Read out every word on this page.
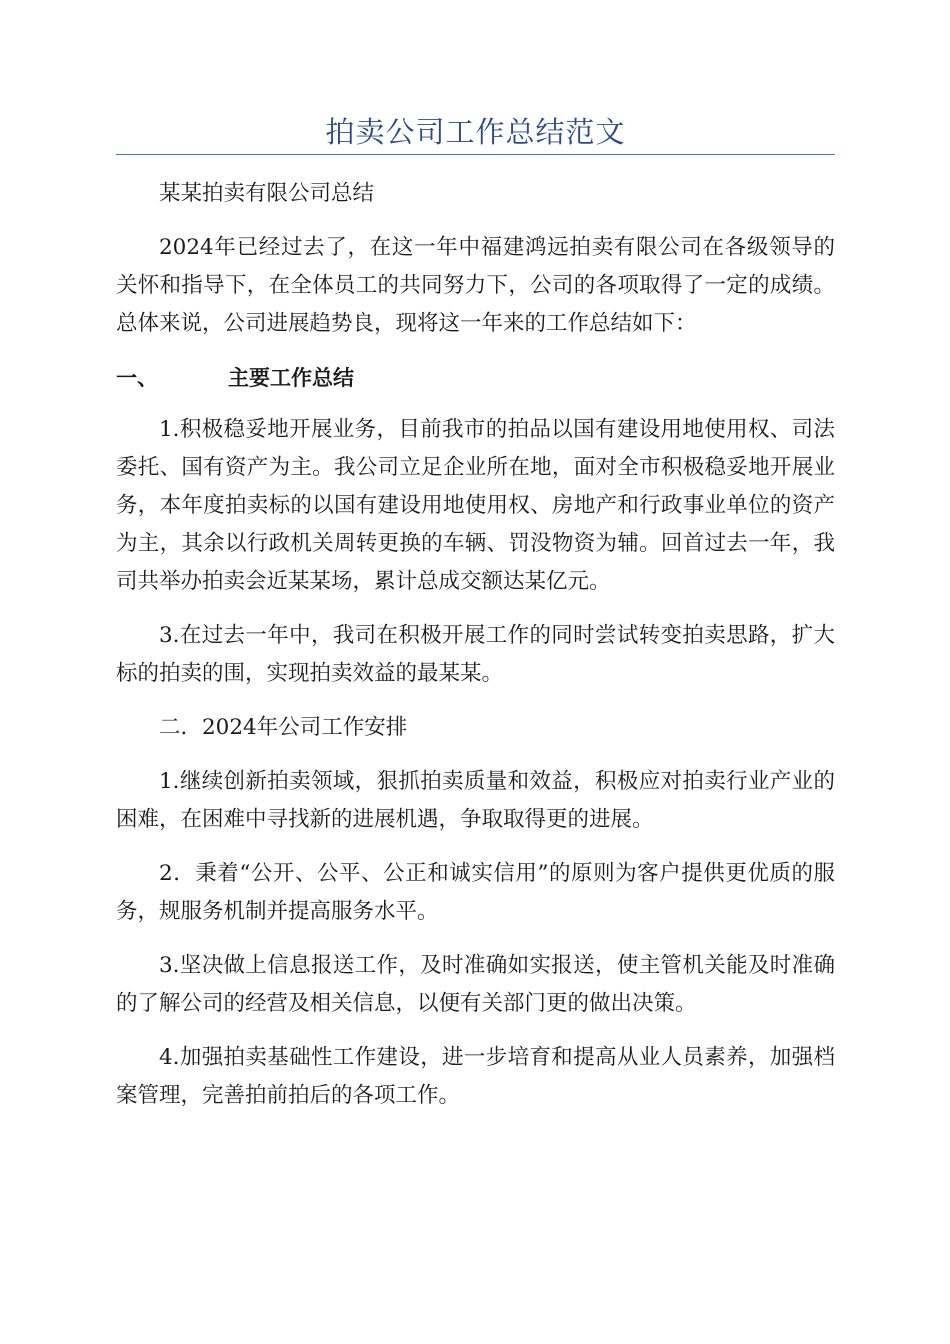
拍卖公司工作总结范文

某某拍卖有限公司总结

2024年已经过去了，在这一年中福建鸿远拍卖有限公司在各级领导的关怀和指导下，在全体员工的共同努力下，公司的各项取得了一定的成绩。总体来说，公司进展趋势良，现将这一年来的工作总结如下：

一、	主要工作总结

1.积极稳妥地开展业务，目前我市的拍品以国有建设用地使用权、司法委托、国有资产为主。我公司立足企业所在地，面对全市积极稳妥地开展业务，本年度拍卖标的以国有建设用地使用权、房地产和行政事业单位的资产为主，其余以行政机关周转更换的车辆、罚没物资为辅。回首过去一年，我司共举办拍卖会近某某场，累计总成交额达某亿元。

3.在过去一年中，我司在积极开展工作的同时尝试转变拍卖思路，扩大标的拍卖的围，实现拍卖效益的最某某。

二．2024年公司工作安排

1.继续创新拍卖领域，狠抓拍卖质量和效益，积极应对拍卖行业产业的困难，在困难中寻找新的进展机遇，争取取得更的进展。

2．秉着“公开、公平、公正和诚实信用”的原则为客户提供更优质的服务，规服务机制并提高服务水平。

3.坚决做上信息报送工作，及时准确如实报送，使主管机关能及时准确的了解公司的经营及相关信息，以便有关部门更的做出决策。

4.加强拍卖基础性工作建设，进一步培育和提高从业人员素养，加强档案管理，完善拍前拍后的各项工作。
